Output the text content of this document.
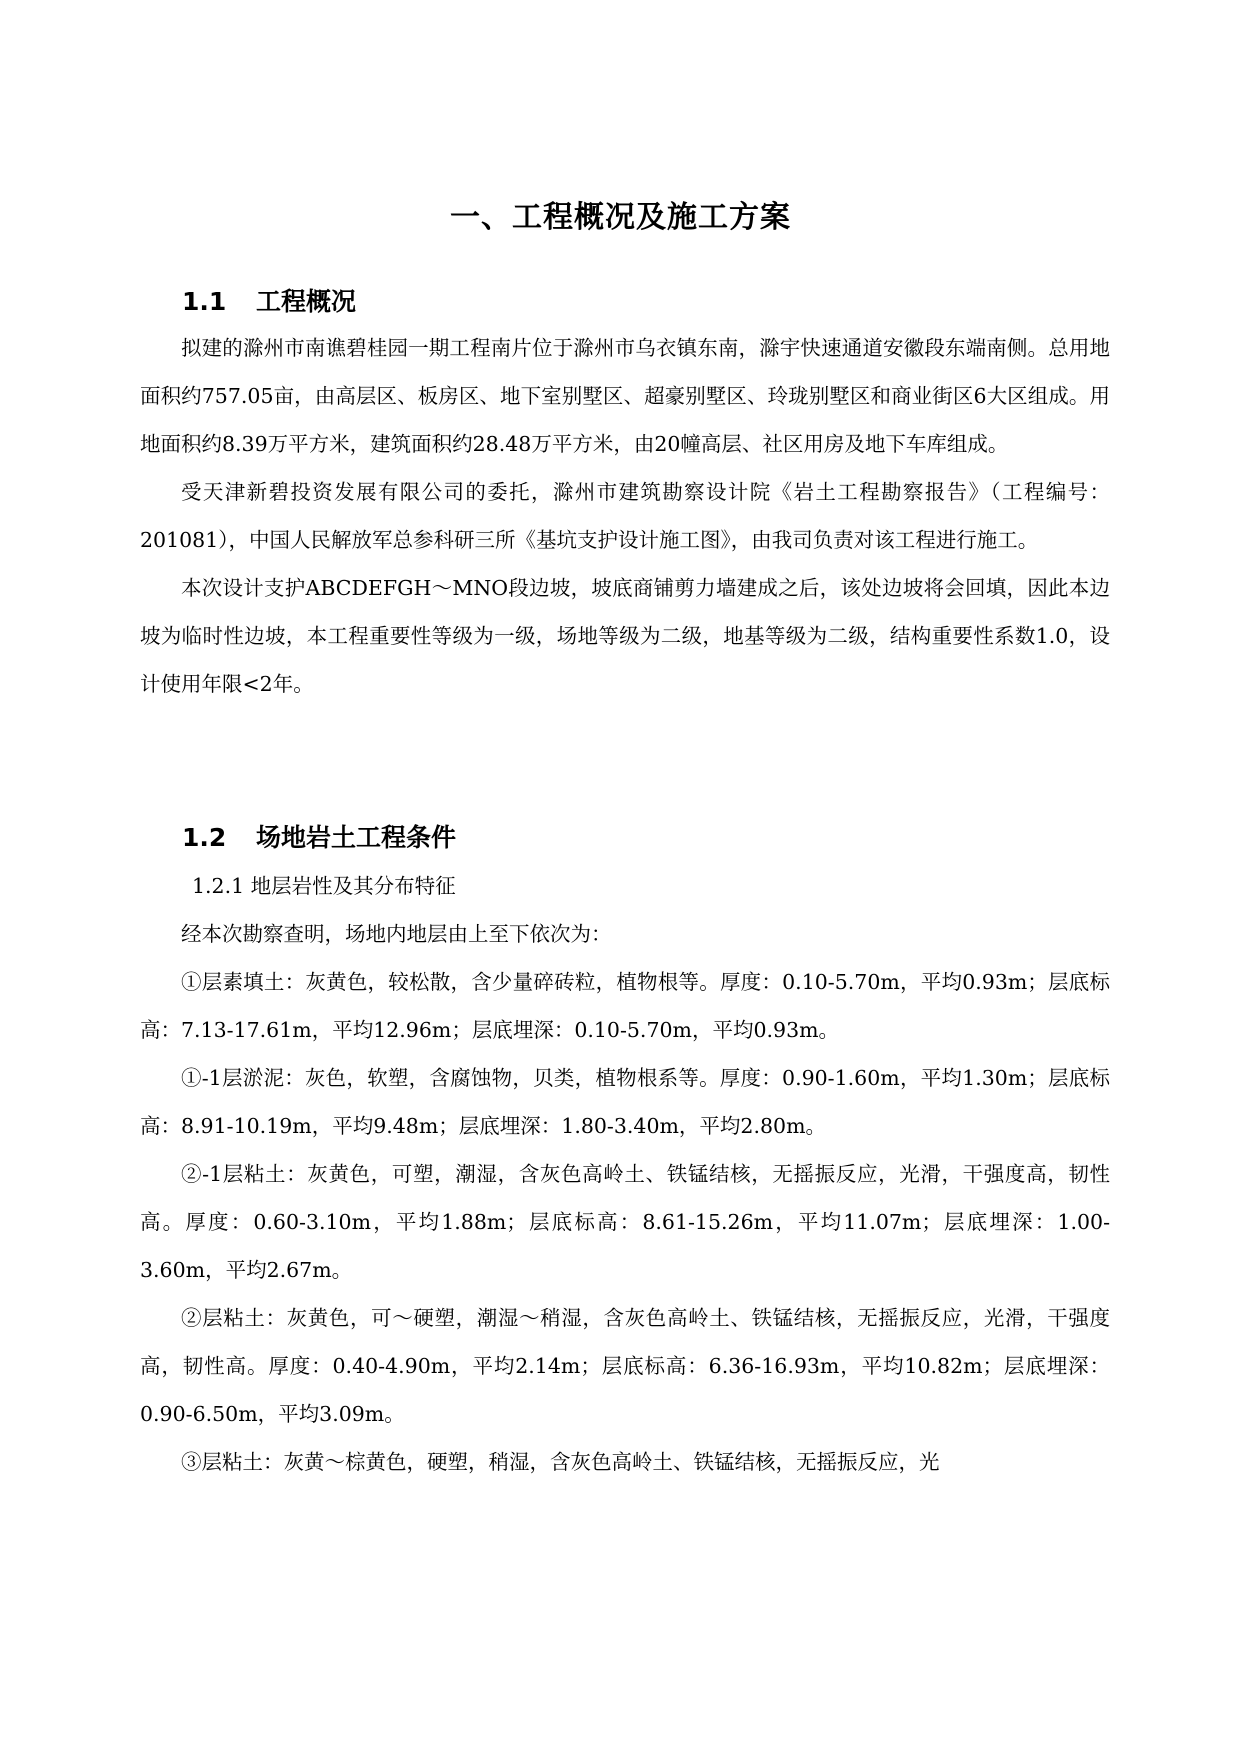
一、工程概况及施工方案
1.1 工程概况

拟建的滁州市南谯碧桂园一期工程南片位于滁州市乌衣镇东南，滁宇快速通道安徽段东端南侧。总用地面积约757.05亩，由高层区、板房区、地下室别墅区、超豪别墅区、玲珑别墅区和商业街区6大区组成。用地面积约8.39万平方米，建筑面积约28.48万平方米，由20幢高层、社区用房及地下车库组成。

受天津新碧投资发展有限公司的委托，滁州市建筑勘察设计院《岩土工程勘察报告》（工程编号：201081），中国人民解放军总参科研三所《基坑支护设计施工图》，由我司负责对该工程进行施工。

本次设计支护ABCDEFGH～MNO段边坡，坡底商铺剪力墙建成之后，该处边坡将会回填，因此本边坡为临时性边坡，本工程重要性等级为一级，场地等级为二级，地基等级为二级，结构重要性系数1.0，设计使用年限<2年。

1.2 场地岩土工程条件

1.2.1 地层岩性及其分布特征

经本次勘察查明，场地内地层由上至下依次为：

①层素填土：灰黄色，较松散，含少量碎砖粒，植物根等。厚度：0.10-5.70m，平均0.93m；层底标高：7.13-17.61m，平均12.96m；层底埋深：0.10-5.70m，平均0.93m。

①-1层淤泥：灰色，软塑，含腐蚀物，贝类，植物根系等。厚度：0.90-1.60m，平均1.30m；层底标高：8.91-10.19m，平均9.48m；层底埋深：1.80-3.40m，平均2.80m。

②-1层粘土：灰黄色，可塑，潮湿，含灰色高岭土、铁锰结核，无摇振反应，光滑，干强度高，韧性高。厚度：0.60-3.10m，平均1.88m；层底标高：8.61-15.26m，平均11.07m；层底埋深：1.00-3.60m，平均2.67m。

②层粘土：灰黄色，可～硬塑，潮湿～稍湿，含灰色高岭土、铁锰结核，无摇振反应，光滑，干强度高，韧性高。厚度：0.40-4.90m，平均2.14m；层底标高：6.36-16.93m，平均10.82m；层底埋深：0.90-6.50m，平均3.09m。

③层粘土：灰黄～棕黄色，硬塑，稍湿，含灰色高岭土、铁锰结核，无摇振反应，光
